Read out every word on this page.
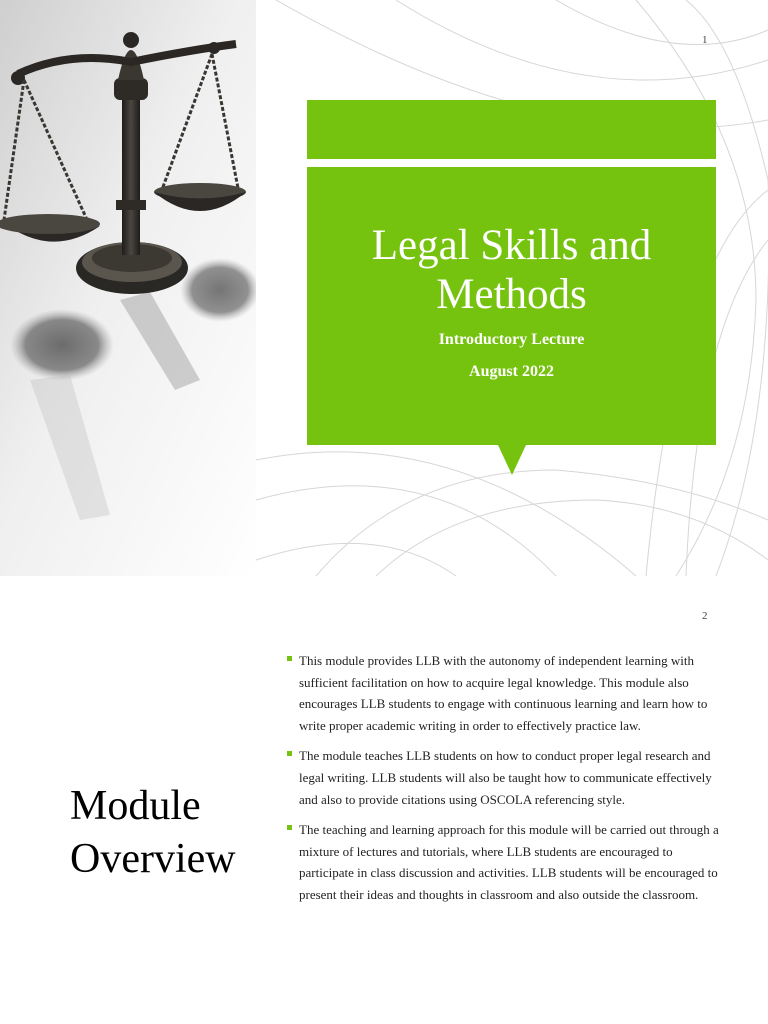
1
Legal Skills and Methods
Introductory Lecture
August 2022
2
Module Overview
This module provides LLB with the autonomy of independent learning with sufficient facilitation on how to acquire legal knowledge. This module also encourages LLB students to engage with continuous learning and learn how to write proper academic writing in order to effectively practice law.
The module teaches LLB students on how to conduct proper legal research and legal writing. LLB students will also be taught how to communicate effectively and also to provide citations using OSCOLA referencing style.
The teaching and learning approach for this module will be carried out through a mixture of lectures and tutorials, where LLB students are encouraged to participate in class discussion and activities. LLB students will be encouraged to present their ideas and thoughts in classroom and also outside the classroom.
